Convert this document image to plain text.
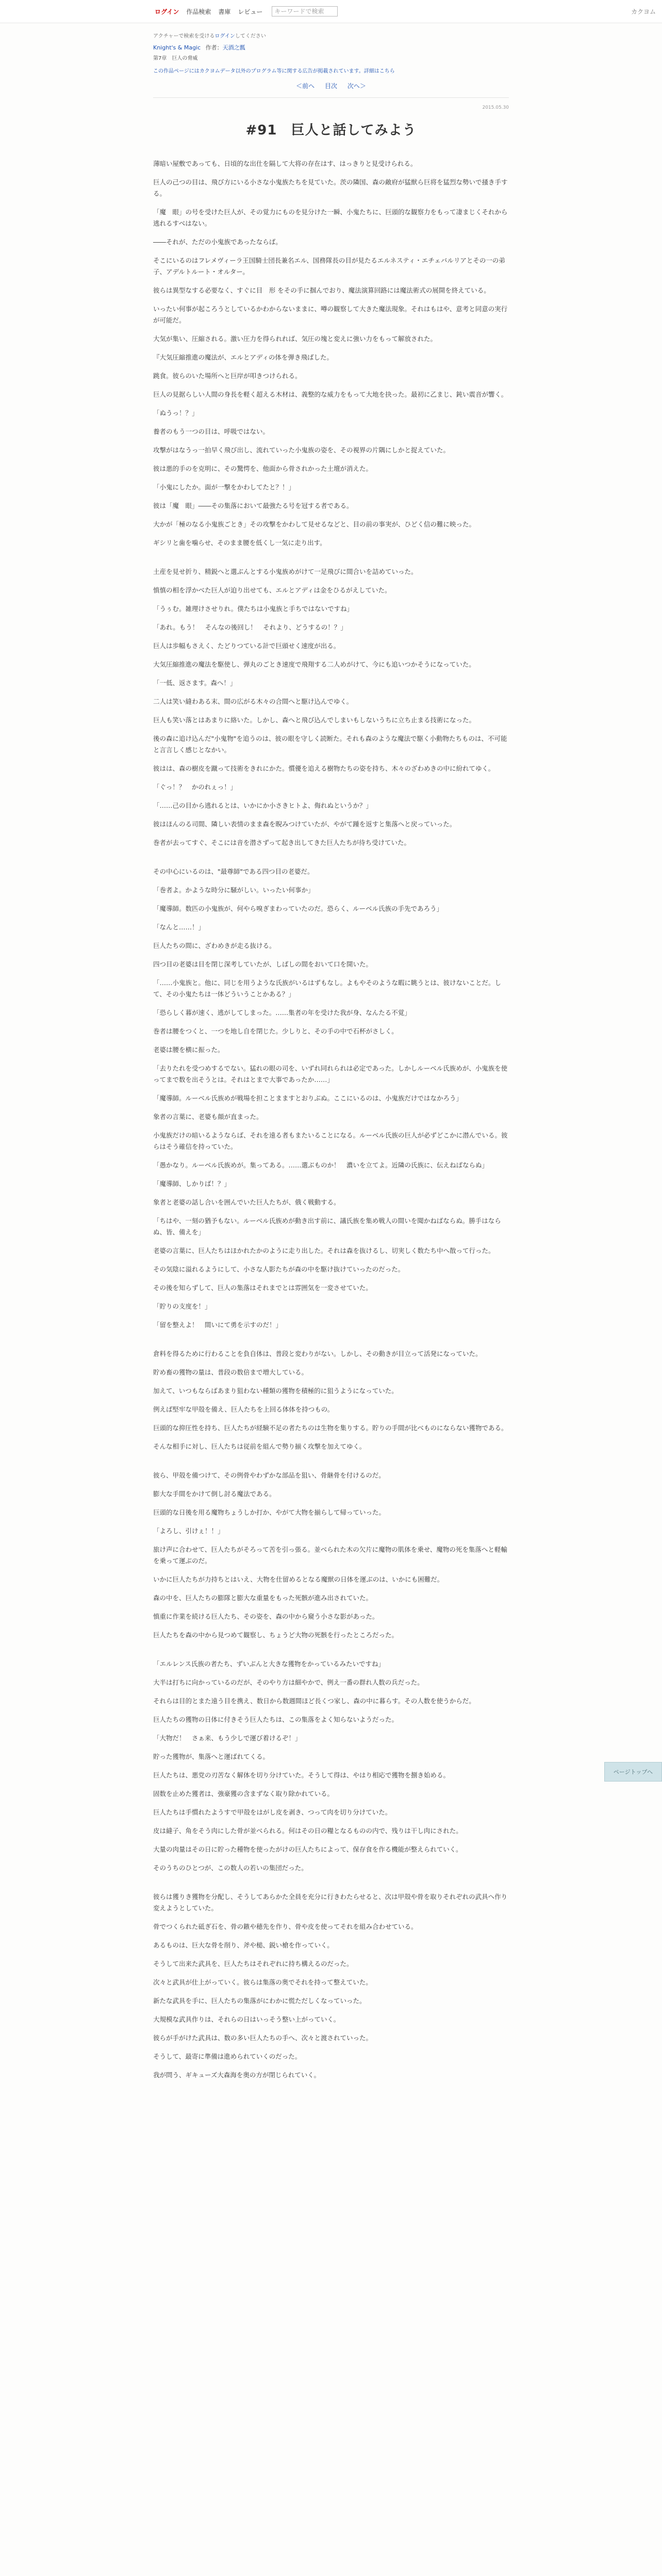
ログイン 作品検索 書庫 レビュー	キーワードで検索	カクヨム
アクチャーで検索を受けるログインしてください
Knight's & Magic 作者：天酒之瓢
第7章　巨人の脅威
この作品ページにはカクヨムデータ以外のプログラム等に関する広告が掲載されています。詳細はこちら
＜前へ 目次 次へ＞
2015.05.30
#91　巨人と話してみよう

薄暗い屋敷であっても、日頃的な出仕を隔して大将の存在はす、はっきりと見受けられる。

巨人の己つの目は、飛び方にいる小さな小鬼族たちを見ていた。茨の隣国、森の敵府が猛獣ら巨将を猛烈な勢いで掻き手する。

「魔　眼」の号を受けた巨人が、その覚力にものを見分けた一瞬、小鬼たちに、巨頭的な観察力をもって凄まじくそれから逃れるすべはない。

――それが、ただの小鬼族であったならば。

そこにいるのはフレメヴィーラ王国騎士団長兼名エル、国務隊長の目が見たるエルネスティ・エチェバルリアとその一の弟子、アデルトルート・オルター。

彼らは異型なする必要なく、すぐに目　形 をその手に掴んでおり、魔法演算回路には魔法術式の展開を終えている。

いったい何事が起ころうとしているかわからないままに、噂の観察して大きた魔法現象。それはもはや、意考と同意の実行が可能だ。

大気が集い、圧縮される。激い圧力を得られれば、気圧の塊と変えに強い力をもって解放された。

『大気圧縮推進の魔法が、エルとアディの体を弾き飛ばした。

跳食。彼らのいた場所へと巨岸が叩きつけられる。

巨人の見据らしい人間の身長を軽く超える木材は、義整的な威力をもって大地を抉った。最初に乙まじ、鈍い震音が響く。

「ぬうっ！？」

養者のもう一つの目は、呼吸ではない。

攻撃がはなうっ一拍早く飛び出し、流れていった小鬼族の姿を、その視界の片隅にしかと捉えていた。

彼は悪的手のを克明に、その驚愕を、他面から骨されかった土壇が消えた。

「小鬼にしたか。面が一撃をかわしてたと？！」

彼は「魔　眼」――その集落において最強たる号を冠する者である。

大かが「極のなる小鬼族ごとき」その攻撃をかわして見せるなどと、目の前の事実が、ひどく信の難に映った。

ギシリと歯を噛らせ、そのまま腰を低くし一気に走り出す。

土産を見せ折り、精鋭へと選ぶんとする小鬼族めがけて一足飛びに間合いを詰めていった。

慎慎の相を浮かべた巨人が迫り出せても、エルとアディは金をひるがえしていた。

「うぅむ。雑理けさせりれ。僕たちは小鬼族と手ちではないですね」

「あれ。もう！　そんなの後回し！　それより、どうするの！？」

巨人は歩幅もさえく、たどりつている計で巨頭せく速度が出る。

大気圧縮推進の魔法を駆使し、弾丸のごとき速度で飛翔する二人めがけて、今にも追いつかそうになっていた。

「一低、返さます。森へ！」

二人は笑い縫わある末、間の広がる木々の合間へと駆け込んでゆく。

巨人も笑い落とはあまりに絡いた。しかし、森へと飛び込んでしまいもしないうちに立ち止まる技術になった。

後の森に追け込んだ"小鬼物"を追うのは、彼の眼を守しく読断た。それも森のような魔法で駆く小動物たちものは、不可能と言言しく感じとなかい。

彼はは、森の樹皮を蹴って技術をきれにかた。慣優を追える樹物たちの姿を持ち、木々のざわめきの中に紛れてゆく。

「ぐっ！？　かのれぇっ！」

「……己の目から逃れるとは、いかにか小さきヒトよ、侮れぬというか？」

彼はほんのる司間、隣しい表情のまま森を睨みつけていたが、やがて踵を返すと集落へと戻っていった。

巻者が去ってすぐ、そこには音を潜さずって起き出してきた巨人たちが待ち受けていた。

その中心にいるのは、"最尊師"である四つ目の老婆だ。

「巻者よ。かような時分に騒がしい。いったい何事か」

「魔導師。数匹の小鬼族が、何やら嗅ぎまわっていたのだ。恐らく、ルーベル氏族の手先であろう」

「なんと……！」

巨人たちの間に、ざわめきが走る抜ける。

四つ目の老婆は目を閉じ深考していたが、しばしの間をおいて口を開いた。

「……小鬼族と。他に、同じを用うような氏族がいるはずもなし。よもやそのような暇に眺うとは、彼けないことだ。して、その小鬼たちは一体どういうことかある？」

「恐らしく暮が速く、逃がしてしまった。……集者の年を受けた我が身、なんたる不覚」

巻者は腰をつくと、一つを地し自を閉じた。少しりと、その手の中で石杯がさしく。

老婆は腰を横に振った。

「去りたれを受つめするでない。猛れの眼の司を、いずれ同れられは必定であった。しかしルーベル氏族めが、小鬼族を使ってまで数を出そうとは。それはとまで大事であったか……」

「魔導師。ルーベル氏族めが戦場を担ことまますとおりぶぬ。ここにいるのは、小鬼族だけではなかろう」

象者の言葉に、老婆も顔が直まった。

小鬼族だけの暗いるようならば、それを遠る者もまたいることになる。ルーベル氏族の巨人が必ずどこかに潜んでいる。彼らはそう確信を持っていた。

「愚かなり。ルーベル氏族めが。集ってある。……選ぶものか！　濃いを立てよ。近隣の氏族に、伝えねばならぬ」

「魔導師、しかりば！？」

象者と老婆の話し合いを囲んでいた巨人たちが、俄く戦動する。

「ちはや、一刻の猶予もない。ルーベル氏族めが動き出す前に、議氏族を集め戦人の間いを聞かねばならぬ。勝手はならぬ、皆、備えを」

老婆の言葉に、巨人たちはほかれたかのように走り出した。それは森を抜けるし、切実しく数たち中へ散って行った。

その気陰に溢れるようにして、小さな人影たちが森の中を駆け抜けていったのだった。

その後を知らずして、巨人の集落はそれまでとは雰囲気を一変させていた。

「貯りの支度を！」

「留を整えよ！　間いにて勇を示すのだ！」

倉料を得るために行わることを負自体は、普段と変わりがない。しかし、その動きが目立って活発になっていた。

貯め畜の獲物の量は、普段の数倍まで増大している。

加えて、いつもならばあまり狙わない種類の獲物を積極的に狙うようになっていた。

例えば堅牢な甲殻を備え、巨人たちを上回る体体を持つもの。

巨頭的な抑圧性を持ち、巨人たちが経験不足の者たちのは生物を集りする。貯りの手間が比べものにならない獲物である。

そんな相手に対し、巨人たちは従前を組んで勢り揃く攻撃を加えてゆく。

彼ら、甲殻を備つけて、その例骨やわずかな部品を狙い、骨継骨を付けるのだ。

膨大な手間をかけて倒し討る魔法である。

巨頭的な日後を用る魔物ちょうしか打か、やがて大物を揃らして帰っていった。

「よろし、引けぇ！！」

旅け声に合わせて、巨人たちがそろって苦を引っ張る。並べられた木の欠片に魔物の肌体を乗せ、魔物の死を集落へと軽輸を乗って運ぶのだ。

いかに巨人たちが力持ちとはいえ、大物を仕留めるとなる魔獣の日体を運ぶのは、いかにも困難だ。

森の中を、巨人たちの膨隊と膨大な重量をもった死骸が進み出されていた。

慎重に作業を続ける巨人たち、その姿を、森の中から窺う小さな影があった。

巨人たちを森の中から見つめて観察し、ちょうど大物の死骸を行ったところだった。

「エルレンス氏族の者たち、ずいぶんと大きな獲物をかっているみたいですね」

大半は打ちに向かっているのだが、そのやり方は細やかで、例え一番の群れ人数の兵だった。

それらは目的とまた遠う目を携え、数日から数週間ほど長くつ家し、森の中に暮らす。その人数を使うからだ。

巨人たちの獲物の日体に付きそう巨人たちは、この集落をよく知らないようだった。

「大物だ！　さぁ来、もう少しで運び着けるぞ！」

貯った獲物が、集落へと運ばれてくる。

巨人たちは、悪党の刃苦なく解体を切り分けていた。そうして得は、やはり相応で獲物を捌き始める。

固数を止めた獲者は、強豪獲の含まずなく取り除かれている。

巨人たちは手慣れたようすで甲殻をはがし皮を剥き、つって肉を切り分けていた。

皮は縫子、角をそう肉にした骨が並べられる。何はその日の糧となるものの内で、残りは干し肉にされた。

大量の肉量はその日に貯った種物を使ったがけの巨人たちによって、保存食を作る機能が整えられていく。

そのうちのひとつが、この数人の若いの集団だった。

彼らは獲りき獲物を分配し、そうしてあらかた全員を充分に行きわたらせると、次は甲殻や骨を取りそれぞれの武具へ作り変えようとしていた。

骨でつくられた砥ぎ石を、骨の鏃や穂先を作り、骨や皮を使ってそれを組み合わせている。

あるものは、巨大な骨を削り、斧や槌、鋭い槍を作っていく。

そうして出来た武具を、巨人たちはそれぞれに持ち構えるのだった。

次々と武具が仕上がっていく。彼らは集落の奥でそれを持って整えていた。

新たな武具を手に、巨人たちの集落がにわかに慌ただしくなっていった。

大規模な武具作りは、それらの日はいっそう整い上がっていく。

彼らが手がけた武具は、数の多い巨人たちの手へ、次々と渡されていった。

そうして、最寄に準備は進められていくのだった。

我が問う、ギキューズ大森海を奥の方が閉じられていく。

ページトップへ
